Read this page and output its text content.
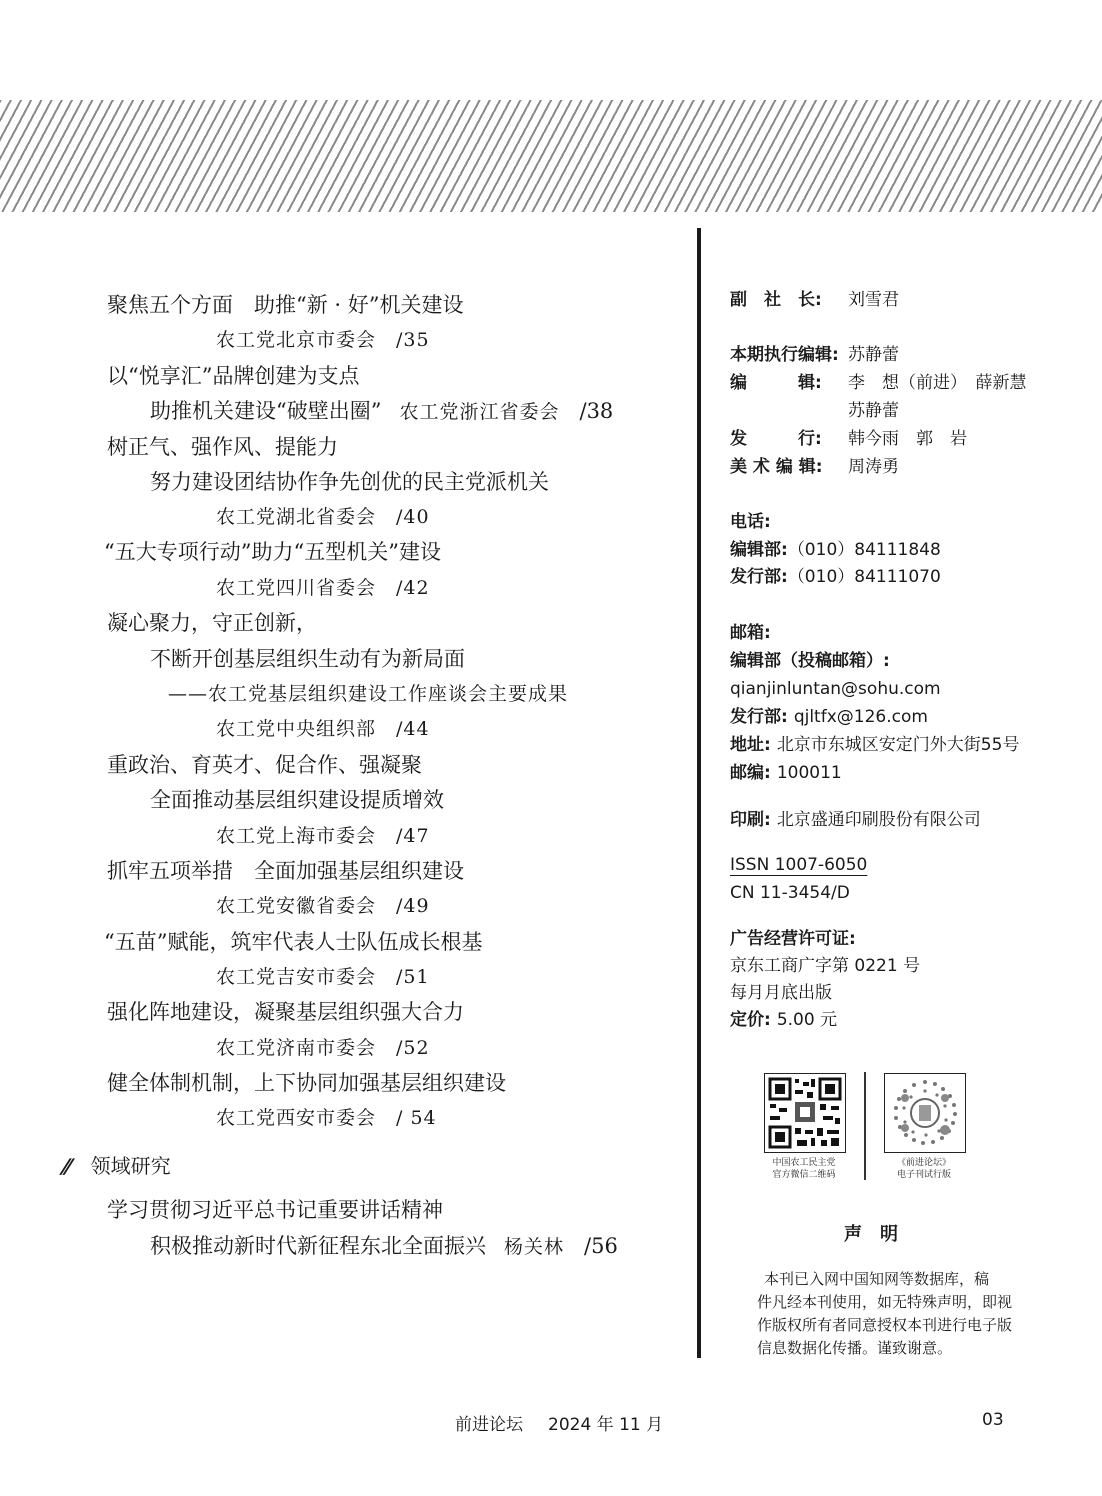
聚焦五个方面　助推“新 · 好”机关建设
农工党北京市委会 /35
以“悦享汇”品牌创建为支点
助推机关建设“破壁出圈” 农工党浙江省委会 /38
树正气、强作风、提能力
努力建设团结协作争先创优的民主党派机关
农工党湖北省委会 /40
“五大专项行动”助力“五型机关”建设
农工党四川省委会 /42
凝心聚力，守正创新，
不断开创基层组织生动有为新局面
——农工党基层组织建设工作座谈会主要成果
农工党中央组织部 /44
重政治、育英才、促合作、强凝聚
全面推动基层组织建设提质增效
农工党上海市委会 /47
抓牢五项举措　全面加强基层组织建设
农工党安徽省委会 /49
“五苗”赋能，筑牢代表人士队伍成长根基
农工党吉安市委会 /51
强化阵地建设，凝聚基层组织强大合力
农工党济南市委会 /52
健全体制机制，上下协同加强基层组织建设
农工党西安市委会 / 54
// 领域研究
学习贯彻习近平总书记重要讲话精神
积极推动新时代新征程东北全面振兴 杨关林 /56
副　社　长: 刘雪君
本期执行编辑: 苏静蕾
编　　　辑: 李　想（前进）　薛新慧
苏静蕾
发　　　行: 韩今雨　郭　岩
美 术 编 辑: 周涛勇
电话:
编辑部:（010）84111848
发行部:（010）84111070
邮箱:
编辑部（投稿邮箱）:
qianjinluntan@sohu.com
发行部: qjltfx@126.com
地址: 北京市东城区安定门外大街55号
邮编: 100011
印刷: 北京盛通印刷股份有限公司
ISSN 1007-6050
CN 11-3454/D
广告经营许可证:
京东工商广字第 0221 号
每月月底出版
定价: 5.00 元
中国农工民主党
官方微信二维码
《前进论坛》
电子刊试行版
声明
本刊已入网中国知网等数据库，稿
件凡经本刊使用，如无特殊声明，即视
作版权所有者同意授权本刊进行电子版
信息数据化传播。谨致谢意。
前进论坛 2024 年 11 月	03
